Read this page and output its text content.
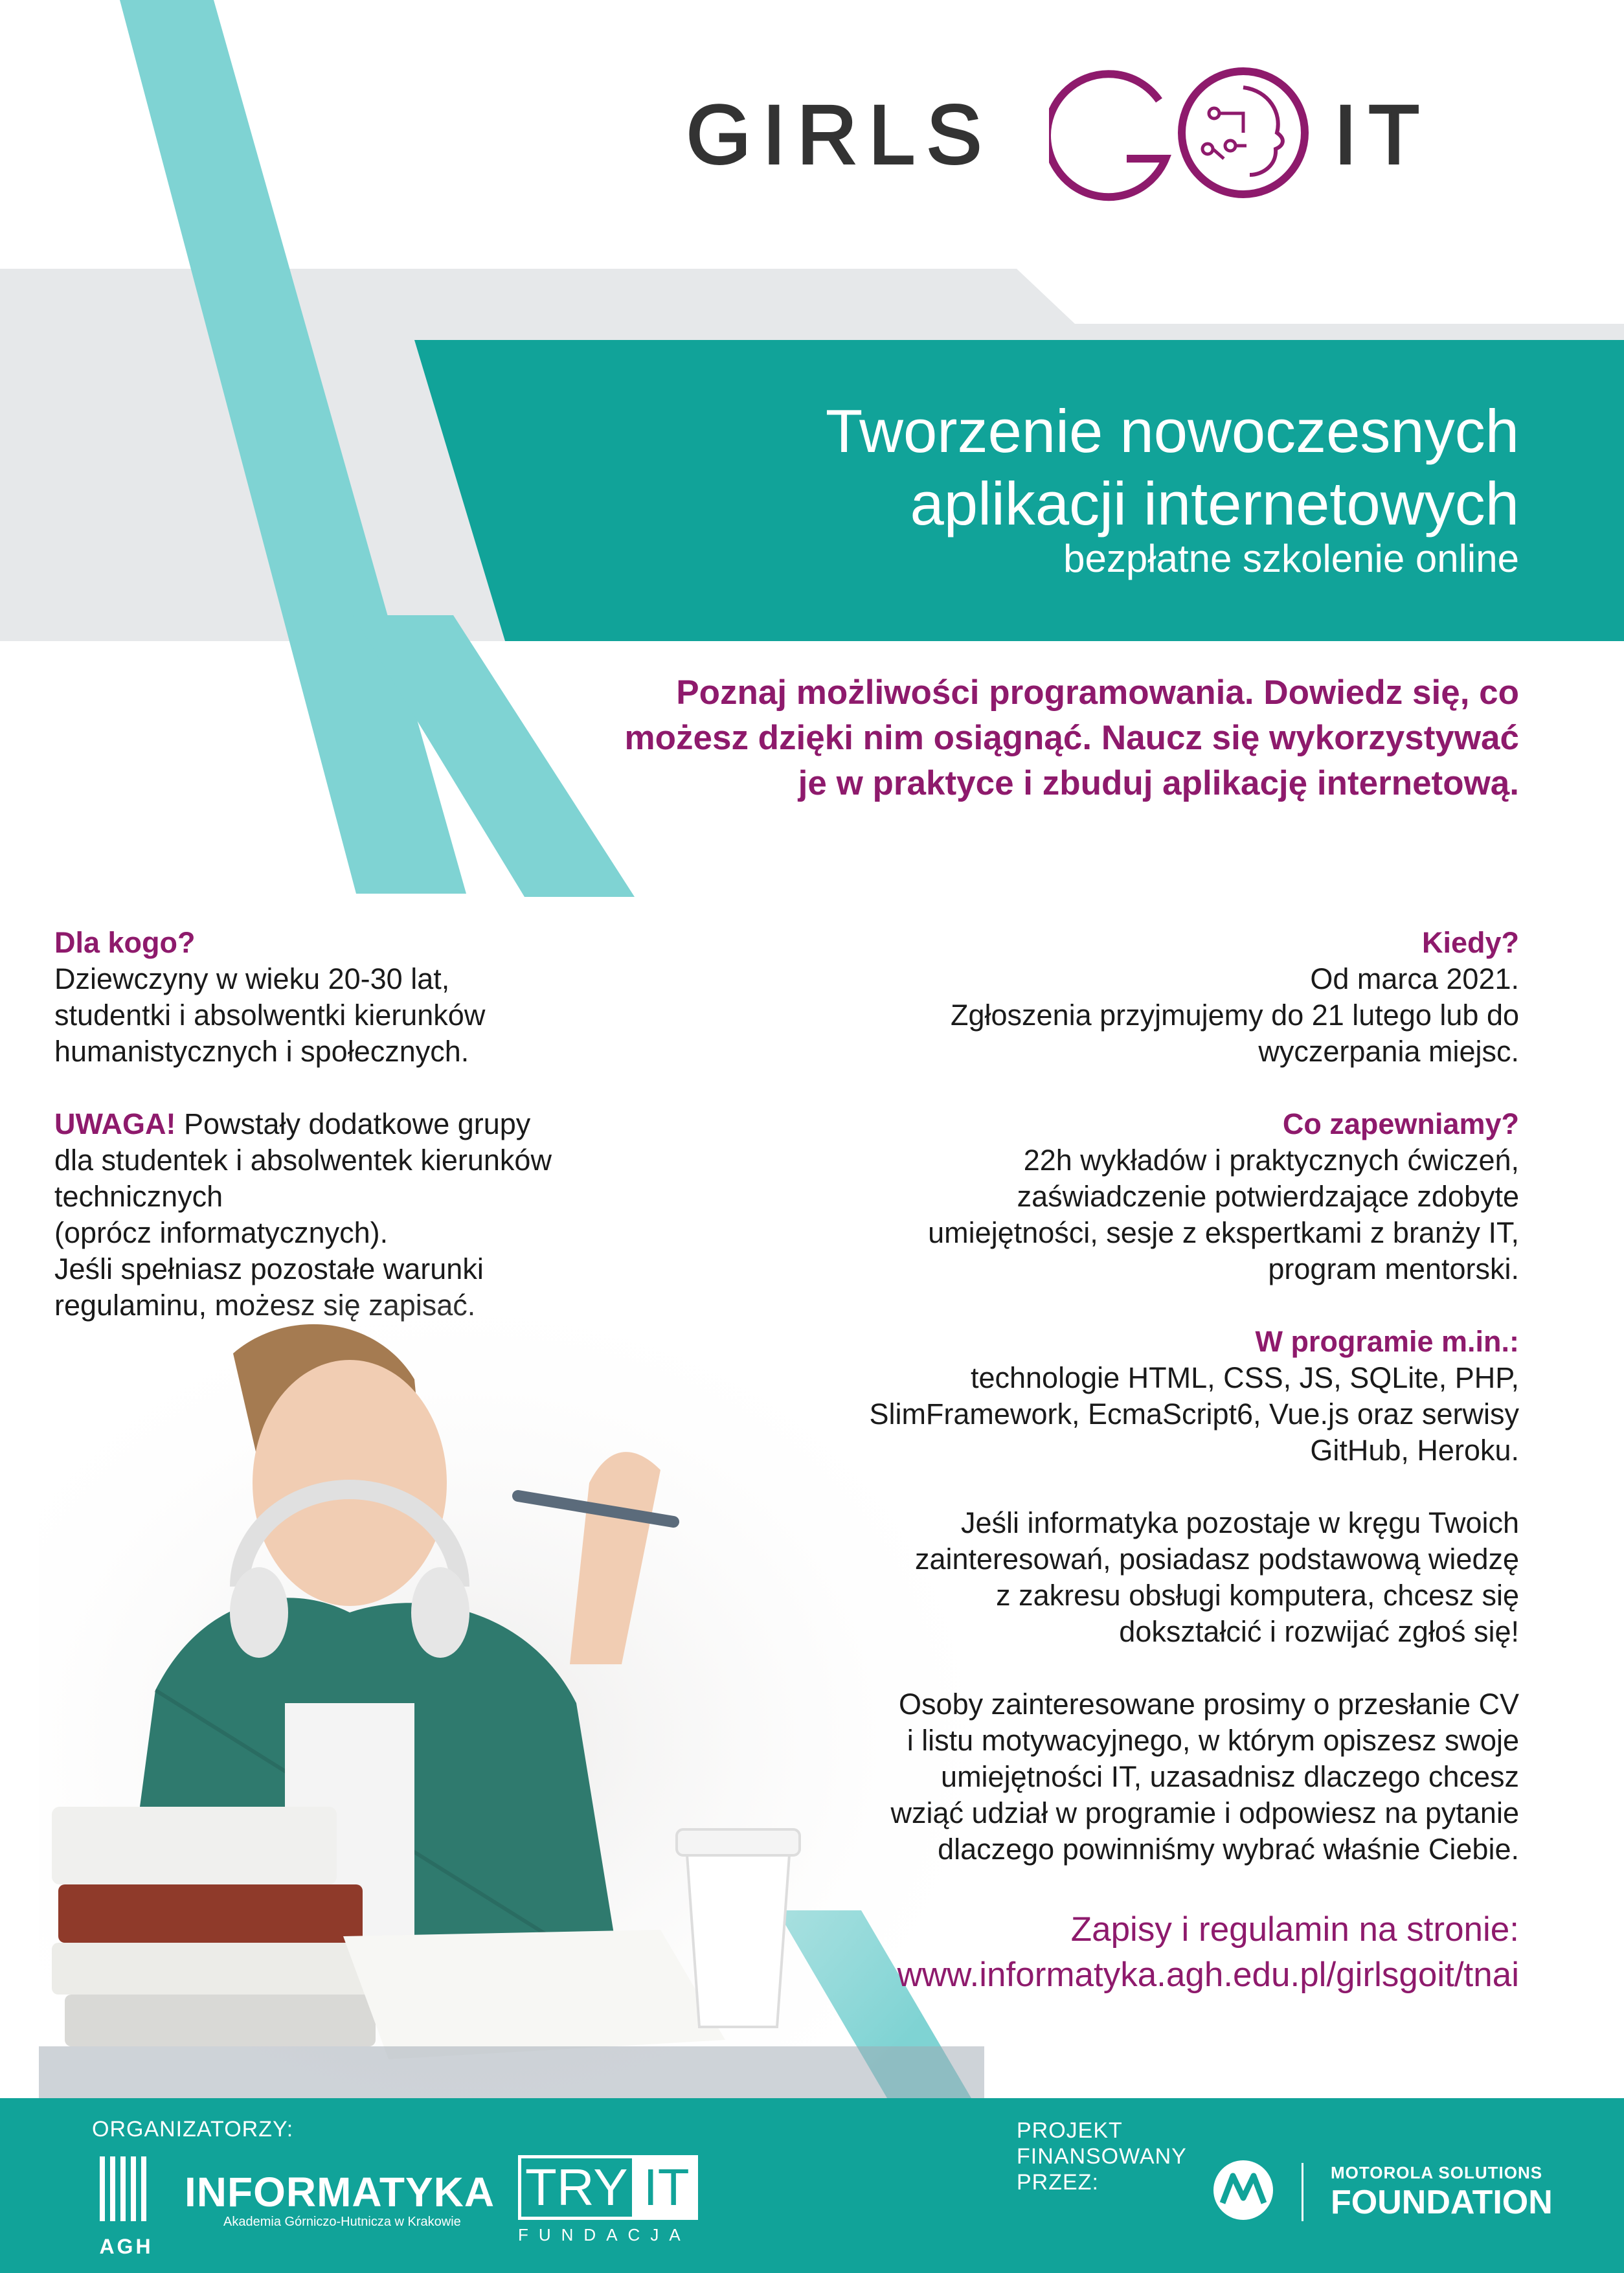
GIRLS	IT
Tworzenie nowoczesnych
aplikacji internetowych
bezpłatne szkolenie online
Poznaj możliwości programowania. Dowiedz się, co
możesz dzięki nim osiągnąć. Naucz się wykorzystywać
je w praktyce i zbuduj aplikację internetową.

Dla kogo?

Dziewczyny w wieku 20-30 lat,

studentki i absolwentki kierunków

humanistycznych i społecznych.

UWAGA! Powstały dodatkowe grupy

dla studentek i absolwentek kierunków

technicznych

(oprócz informatycznych).

Jeśli spełniasz pozostałe warunki

Kiedy?

Od marca 2021.

Zgłoszenia przyjmujemy do 21 lutego lub do

wyczerpania miejsc.

Co zapewniamy?

22h wykładów i praktycznych ćwiczeń,

zaświadczenie potwierdzające zdobyte

umiejętności, sesje z ekspertkami z branży IT,

program mentorski.

W programie m.in.:

technologie HTML, CSS, JS, SQLite, PHP,

SlimFramework, EcmaScript6, Vue.js oraz serwisy

GitHub, Heroku.

Jeśli informatyka pozostaje w kręgu Twoich

zainteresowań, posiadasz podstawową wiedzę

z zakresu obsługi komputera, chcesz się

dokształcić i rozwijać zgłoś się!

Osoby zainteresowane prosimy o przesłanie CV

i listu motywacyjnego, w którym opiszesz swoje

umiejętności IT, uzasadnisz dlaczego chcesz

wziąć udział w programie i odpowiesz na pytanie

dlaczego powinniśmy wybrać właśnie Ciebie.

Zapisy i regulamin na stronie:
www.informatyka.agh.edu.pl/girlsgoit/tnai
ORGANIZATORZY:
AGH
INFORMATYKA
Akademia Górniczo-Hutnicza w Krakowie
TRY IT
FUNDACJA
PROJEKT
FINANSOWANY
PRZEZ:	MOTOROLA SOLUTIONS
FOUNDATION
